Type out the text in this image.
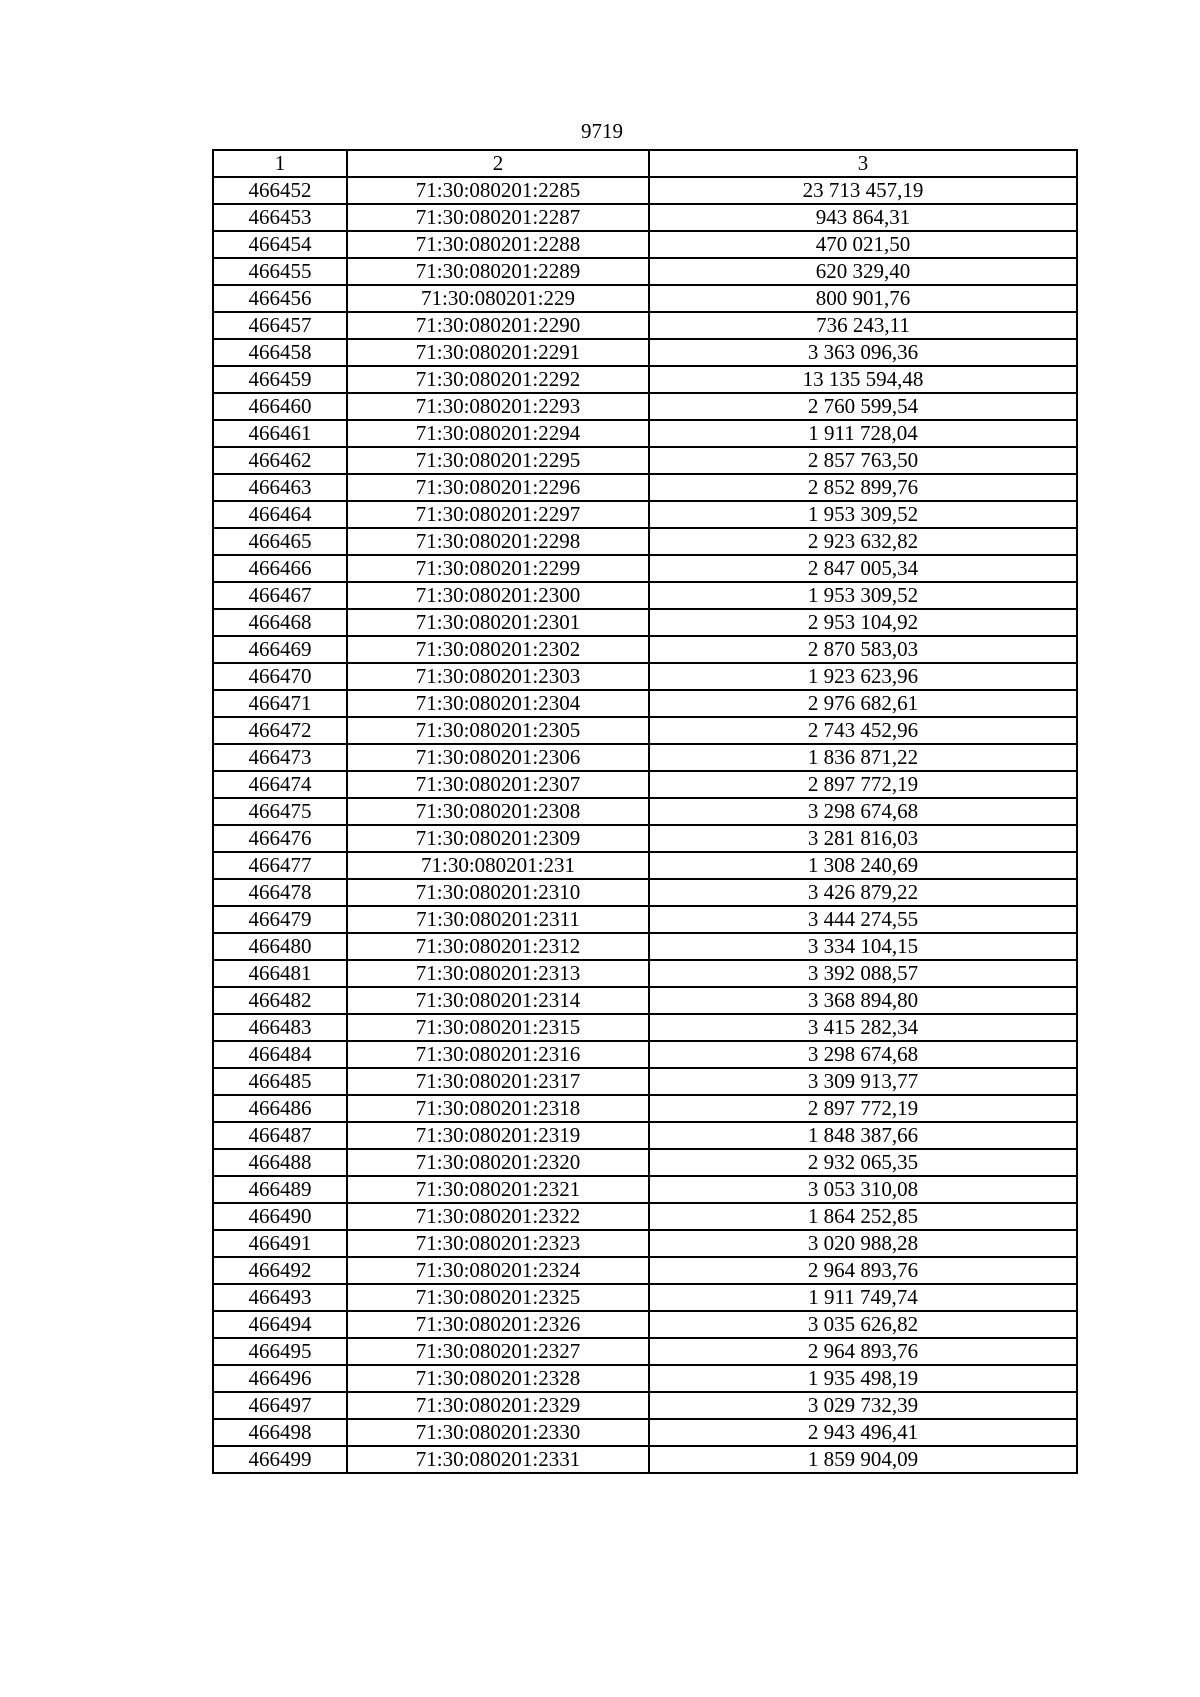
9719
1	2	3
466452	71:30:080201:2285	23 713 457,19
466453	71:30:080201:2287	943 864,31
466454	71:30:080201:2288	470 021,50
466455	71:30:080201:2289	620 329,40
466456	71:30:080201:229	800 901,76
466457	71:30:080201:2290	736 243,11
466458	71:30:080201:2291	3 363 096,36
466459	71:30:080201:2292	13 135 594,48
466460	71:30:080201:2293	2 760 599,54
466461	71:30:080201:2294	1 911 728,04
466462	71:30:080201:2295	2 857 763,50
466463	71:30:080201:2296	2 852 899,76
466464	71:30:080201:2297	1 953 309,52
466465	71:30:080201:2298	2 923 632,82
466466	71:30:080201:2299	2 847 005,34
466467	71:30:080201:2300	1 953 309,52
466468	71:30:080201:2301	2 953 104,92
466469	71:30:080201:2302	2 870 583,03
466470	71:30:080201:2303	1 923 623,96
466471	71:30:080201:2304	2 976 682,61
466472	71:30:080201:2305	2 743 452,96
466473	71:30:080201:2306	1 836 871,22
466474	71:30:080201:2307	2 897 772,19
466475	71:30:080201:2308	3 298 674,68
466476	71:30:080201:2309	3 281 816,03
466477	71:30:080201:231	1 308 240,69
466478	71:30:080201:2310	3 426 879,22
466479	71:30:080201:2311	3 444 274,55
466480	71:30:080201:2312	3 334 104,15
466481	71:30:080201:2313	3 392 088,57
466482	71:30:080201:2314	3 368 894,80
466483	71:30:080201:2315	3 415 282,34
466484	71:30:080201:2316	3 298 674,68
466485	71:30:080201:2317	3 309 913,77
466486	71:30:080201:2318	2 897 772,19
466487	71:30:080201:2319	1 848 387,66
466488	71:30:080201:2320	2 932 065,35
466489	71:30:080201:2321	3 053 310,08
466490	71:30:080201:2322	1 864 252,85
466491	71:30:080201:2323	3 020 988,28
466492	71:30:080201:2324	2 964 893,76
466493	71:30:080201:2325	1 911 749,74
466494	71:30:080201:2326	3 035 626,82
466495	71:30:080201:2327	2 964 893,76
466496	71:30:080201:2328	1 935 498,19
466497	71:30:080201:2329	3 029 732,39
466498	71:30:080201:2330	2 943 496,41
466499	71:30:080201:2331	1 859 904,09
